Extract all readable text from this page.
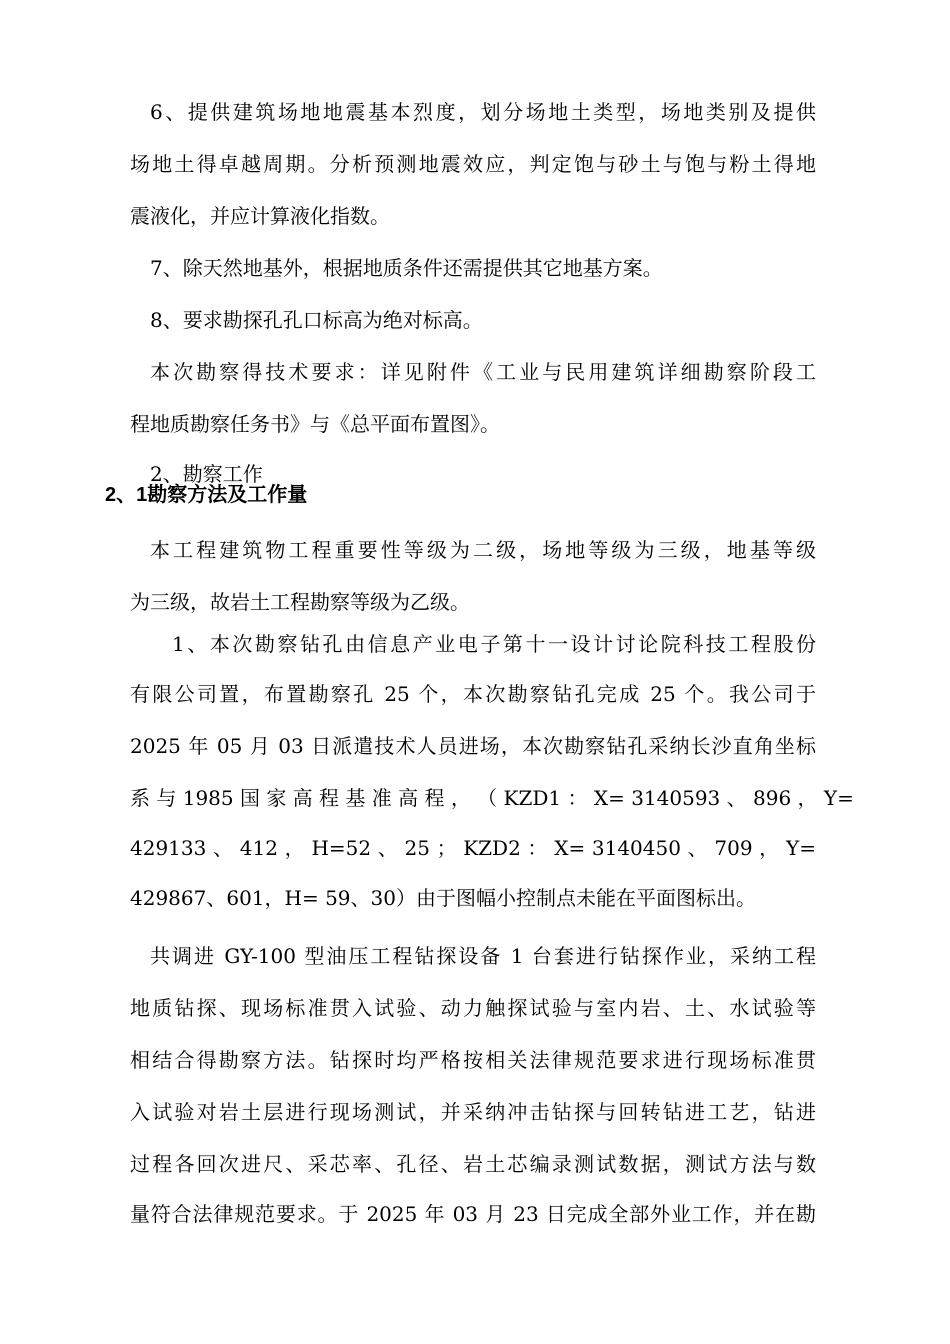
6、提供建筑场地地震基本烈度，划分场地土类型，场地类别及提供
场地土得卓越周期。分析预测地震效应，判定饱与砂土与饱与粉土得地
震液化，并应计算液化指数。
7、除天然地基外，根据地质条件还需提供其它地基方案。
8、要求勘探孔孔口标高为绝对标高。
本次勘察得技术要求：详见附件《工业与民用建筑详细勘察阶段工
程地质勘察任务书》与《总平面布置图》。
2、勘察工作
2、1勘察方法及工作量
本工程建筑物工程重要性等级为二级，场地等级为三级，地基等级
为三级，故岩土工程勘察等级为乙级。
1、本次勘察钻孔由信息产业电子第十一设计讨论院科技工程股份
有限公司置，布置勘察孔 25 个，本次勘察钻孔完成 25 个。我公司于
2025 年 05 月 03 日派遣技术人员进场，本次勘察钻孔采纳长沙直角坐标
系 与 1985 国 家 高 程 基 准 高 程 ， （ KZD1 ： X= 3140593 、 896 ， Y=
429133 、 412 ， H=52 、 25 ； KZD2 ： X= 3140450 、 709 ， Y=
429867、601，H= 59、30）由于图幅小控制点未能在平面图标出。
共调进 GY-100 型油压工程钻探设备 1 台套进行钻探作业，采纳工程
地质钻探、现场标准贯入试验、动力触探试验与室内岩、土、水试验等
相结合得勘察方法。钻探时均严格按相关法律规范要求进行现场标准贯
入试验对岩土层进行现场测试，并采纳冲击钻探与回转钻进工艺，钻进
过程各回次进尺、采芯率、孔径、岩土芯编录测试数据，测试方法与数
量符合法律规范要求。于 2025 年 03 月 23 日完成全部外业工作，并在勘
